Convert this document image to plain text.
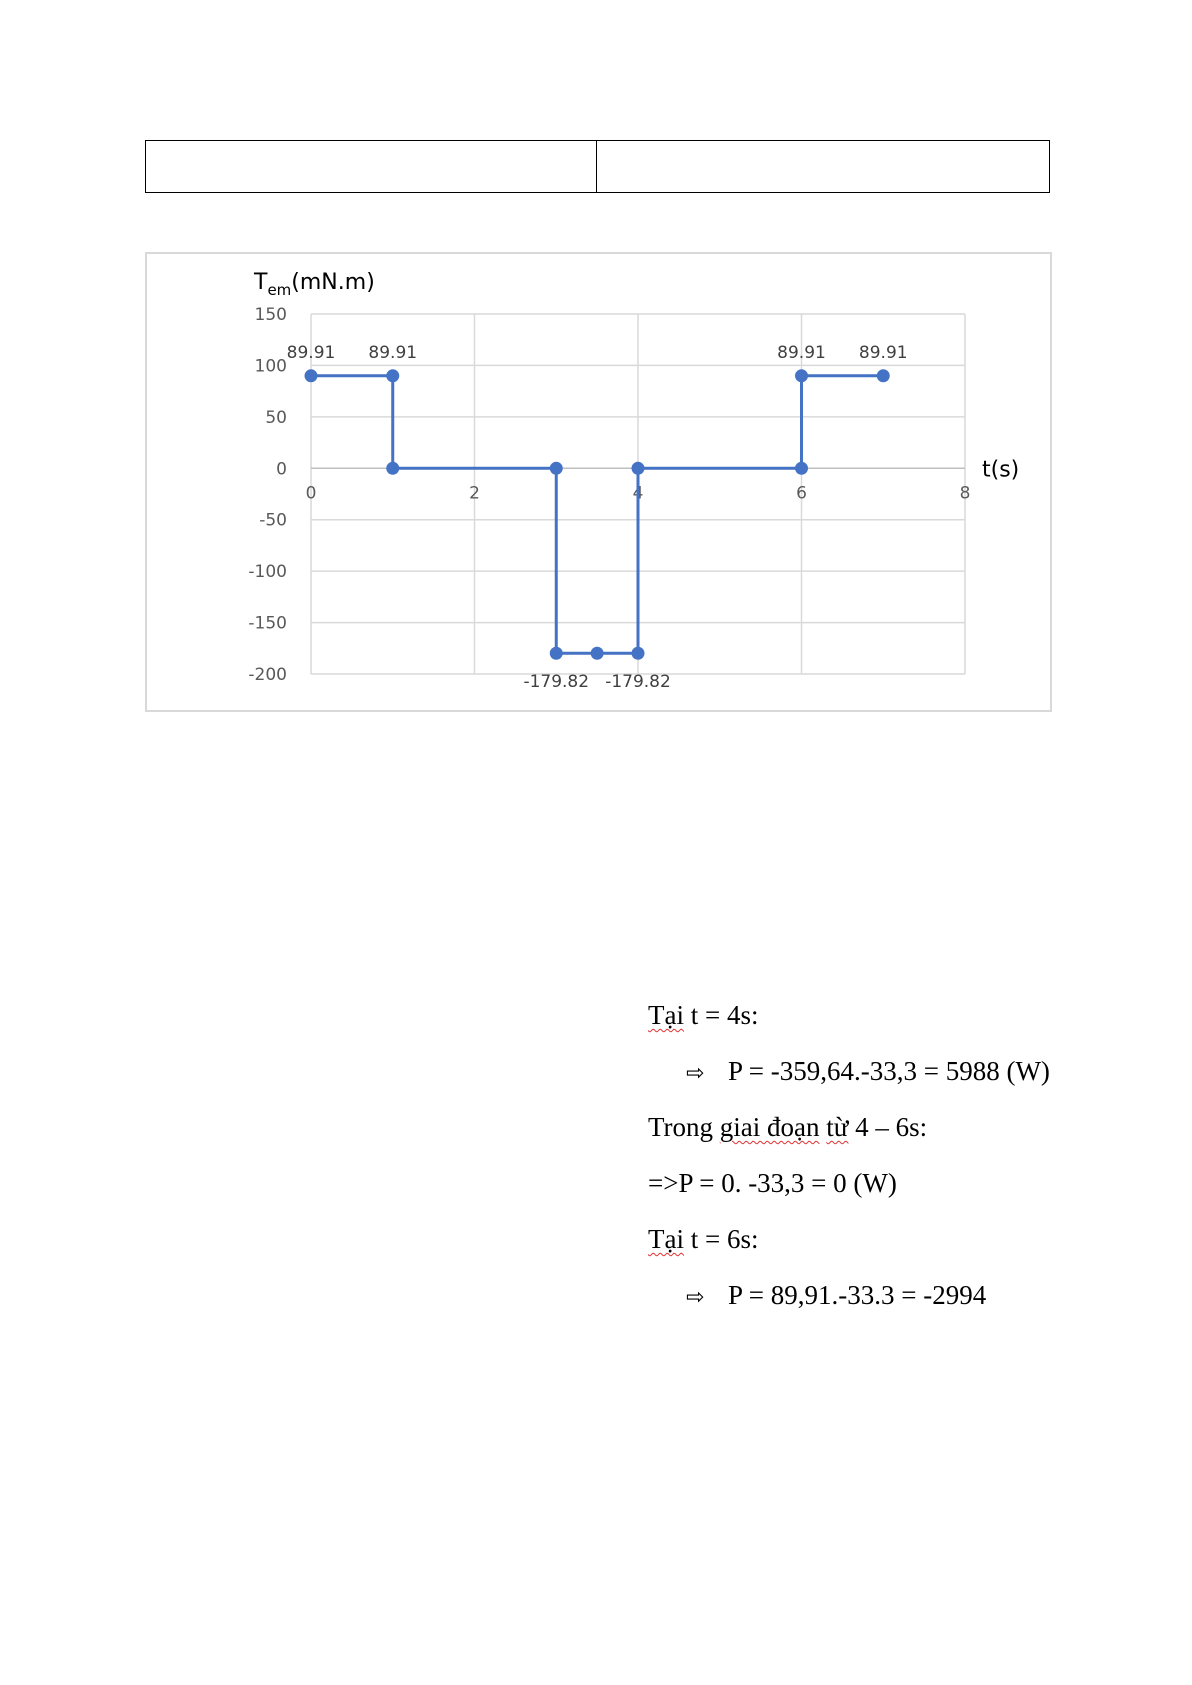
150
100
50
0
-50
-100
-150
-200
0	2	4	6	8
$T_{em}(mN.m)$
t(s)
89.91 89.91
-179.82 -179.82
89.91 89.91
Tại t = 4s:
⇨ P = -359,64.-33,3 = 5988 (W)
Trong giai đoạn từ 4 – 6s:
=>P = 0. -33,3 = 0 (W)
Tại t = 6s:
⇨ P = 89,91.-33.3 = -2994
